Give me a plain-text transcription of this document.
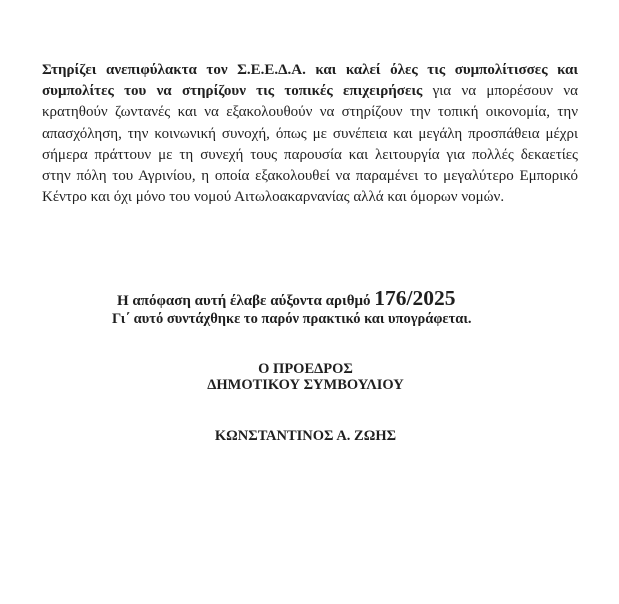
Στηρίζει ανεπιφύλακτα τον Σ.Ε.Ε.Δ.Α. και καλεί όλες τις συμπολίτισσες και
συμπολίτες του να στηρίζουν τις τοπικές επιχειρήσεις για να μπορέσουν να
κρατηθούν ζωντανές και να εξακολουθούν να στηρίζουν την τοπική οικονομία, την
απασχόληση, την κοινωνική συνοχή, όπως με συνέπεια και μεγάλη προσπάθεια μέχρι
σήμερα πράττουν με τη συνεχή τους παρουσία και λειτουργία για πολλές δεκαετίες
στην πόλη του Αγρινίου, η οποία εξακολουθεί να παραμένει το μεγαλύτερο Εμπορικό
Κέντρο και όχι μόνο του νομού Αιτωλοακαρνανίας αλλά και όμορων νομών.
Η απόφαση αυτή έλαβε αύξοντα αριθμό 176/2025
Γι΄ αυτό συντάχθηκε το παρόν πρακτικό και υπογράφεται.
Ο ΠΡΟΕΔΡΟΣ
ΔΗΜΟΤΙΚΟΥ ΣΥΜΒΟΥΛΙΟΥ
ΚΩΝΣΤΑΝΤΙΝΟΣ Α. ΖΩΗΣ
